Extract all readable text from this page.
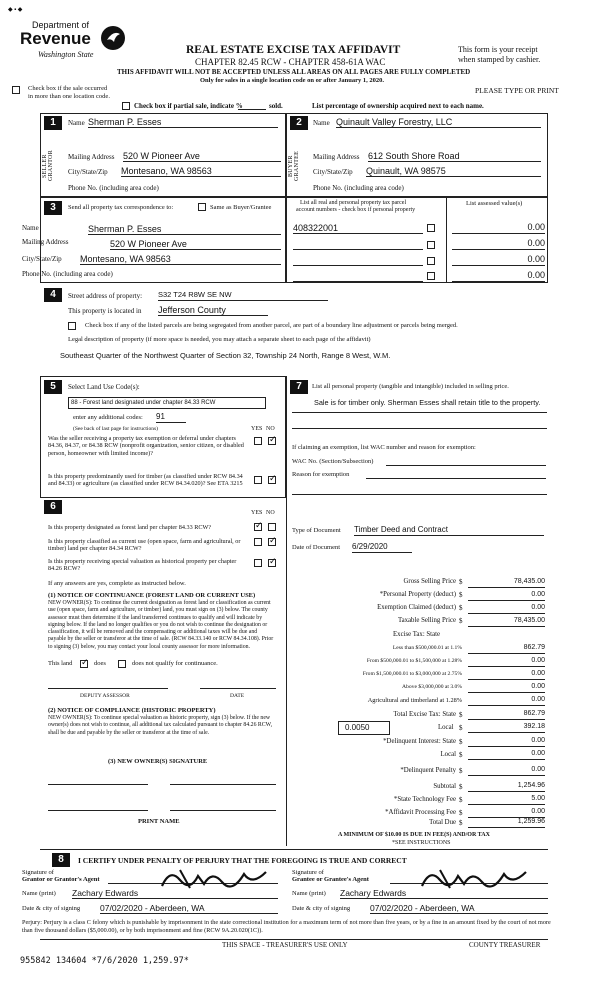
◆ ▪ ◆
Department of
Revenue
Washington State	REAL ESTATE EXCISE TAX AFFIDAVIT
CHAPTER 82.45 RCW - CHAPTER 458-61A WAC
This form is your receipt
when stamped by cashier.
THIS AFFIDAVIT WILL NOT BE ACCEPTED UNLESS ALL AREAS ON ALL PAGES ARE FULLY COMPLETED
Only for sales in a single location code on or after January 1, 2020.
PLEASE TYPE OR PRINT
Check box if the sale occurred
in more than one location code.
Check box if partial sale, indicate %	sold.	List percentage of ownership acquired next to each name.
1
SELLER GRANTOR
Name Sherman P. Esses
Mailing Address 520 W Pioneer Ave
City/State/Zip Montesano, WA 98563
Phone No. (including area code)
2
BUYER GRANTEE
Name Quinault Valley Forestry, LLC
Mailing Address 612 South Shore Road
City/State/Zip Quinault, WA 98575
Phone No. (including area code)
3	Send all property tax correspondence to:	Same as Buyer/Grantee
Name	Sherman P. Esses
Mailing Address	520 W Pioneer Ave
City/State/Zip Montesano, WA 98563
Phone No. (including area code)
List all real and personal property tax parcel
account numbers - check box if personal property
List assessed value(s)
408322001	0.00
0.00
0.00
0.00
4	Street address of property: S32 T24 R8W SE NW
This property is located in Jefferson County
Check box if any of the listed parcels are being segregated from another parcel, are part of a boundary line adjustment or parcels being merged.
Legal description of property (if more space is needed, you may attach a separate sheet to each page of the affidavit)
Southeast Quarter of the Northwest Quarter of Section 32, Township 24 North, Range 8 West, W.M.
5	Select Land Use Code(s):
88 - Forest land designated under chapter 84.33 RCW
enter any additional codes: 91
(See back of last page for instructions)	YES NO
Was the seller receiving a property tax exemption or deferral under chapters 84.36, 84.37, or 84.38 RCW (nonprofit organization, senior citizen, or disabled person, homeowner with limited income)?
✓
Is this property predominantly used for timber (as classified under RCW 84.34 and 84.33) or agriculture (as classified under RCW 84.34.020)? See ETA 3215
✓
6
YES NO
Is this property designated as forest land per chapter 84.33 RCW?
✓
Is this property classified as current use (open space, farm and agricultural, or timber) land per chapter 84.34 RCW?
✓
Is this property receiving special valuation as historical property per chapter 84.26 RCW?
✓
If any answers are yes, complete as instructed below.
(1) NOTICE OF CONTINUANCE (FOREST LAND OR CURRENT USE)
NEW OWNER(S): To continue the current designation as forest land or classification as current use (open space, farm and agriculture, or timber) land, you must sign on (3) below. The county assessor must then determine if the land transferred continues to qualify and will indicate by signing below. If the land no longer qualifies or you do not wish to continue the designation or classification, it will be removed and the compensating or additional taxes will be due and payable by the seller or transferor at the time of sale. (RCW 84.33.140 or RCW 84.34.108). Prior to signing (3) below, you may contact your local county assessor for more information.
This land
✓	does	does not qualify for continuance.
DEPUTY ASSESSOR	DATE
(2) NOTICE OF COMPLIANCE (HISTORIC PROPERTY)
NEW OWNER(S): To continue special valuation as historic property, sign (3) below. If the new owner(s) does not wish to continue, all additional tax calculated pursuant to chapter 84.26 RCW, shall be due and payable by the seller or transferor at the time of sale.
(3) NEW OWNER(S) SIGNATURE
PRINT NAME
7	List all personal property (tangible and intangible) included in selling price.
Sale is for timber only. Sherman Esses shall retain title to the property.
If claiming an exemption, list WAC number and reason for exemption:
WAC No. (Section/Subsection)
Reason for exemption
Type of Document Timber Deed and Contract
Date of Document 6/29/2020
Gross Selling Price $	78,435.00
*Personal Property (deduct) $	0.00
Exemption Claimed (deduct) $	0.00
Taxable Selling Price $	78,435.00
Excise Tax: State
Less than $500,000.01 at 1.1%	862.79
From $500,000.01 to $1,500,000 at 1.28%	0.00
From $1,500,000.01 to $3,000,000 at 2.75%	0.00
Above $3,000,000 at 3.0%	0.00
Agricultural and timberland at 1.28%	0.00
Total Excise Tax: State $	862.79
0.0050	Local $	392.18
*Delinquent Interest: State $	0.00
Local $	0.00
*Delinquent Penalty $	0.00
Subtotal $	1,254.96
*State Technology Fee $	5.00
*Affidavit Processing Fee $	0.00
Total Due $	1,259.96
A MINIMUM OF $10.00 IS DUE IN FEE(S) AND/OR TAX
*SEE INSTRUCTIONS
8	I CERTIFY UNDER PENALTY OF PERJURY THAT THE FOREGOING IS TRUE AND CORRECT
Signature of
Grantor or Grantor's Agent
Signature of
Grantee or Grantee's Agent
Name (print) Zachary Edwards	Name (print) Zachary Edwards
Date & city of signing 07/02/2020 - Aberdeen, WA	Date & city of signing 07/02/2020 - Aberdeen, WA
Perjury: Perjury is a class C felony which is punishable by imprisonment in the state correctional institution for a maximum term of not more than five years, or by a fine in an amount fixed by the court of not more than five thousand dollars ($5,000.00), or by both imprisonment and fine (RCW 9A.20.020(1C)).
THIS SPACE - TREASURER'S USE ONLY	COUNTY TREASURER
955842 134604 *7/6/2020 1,259.97*
